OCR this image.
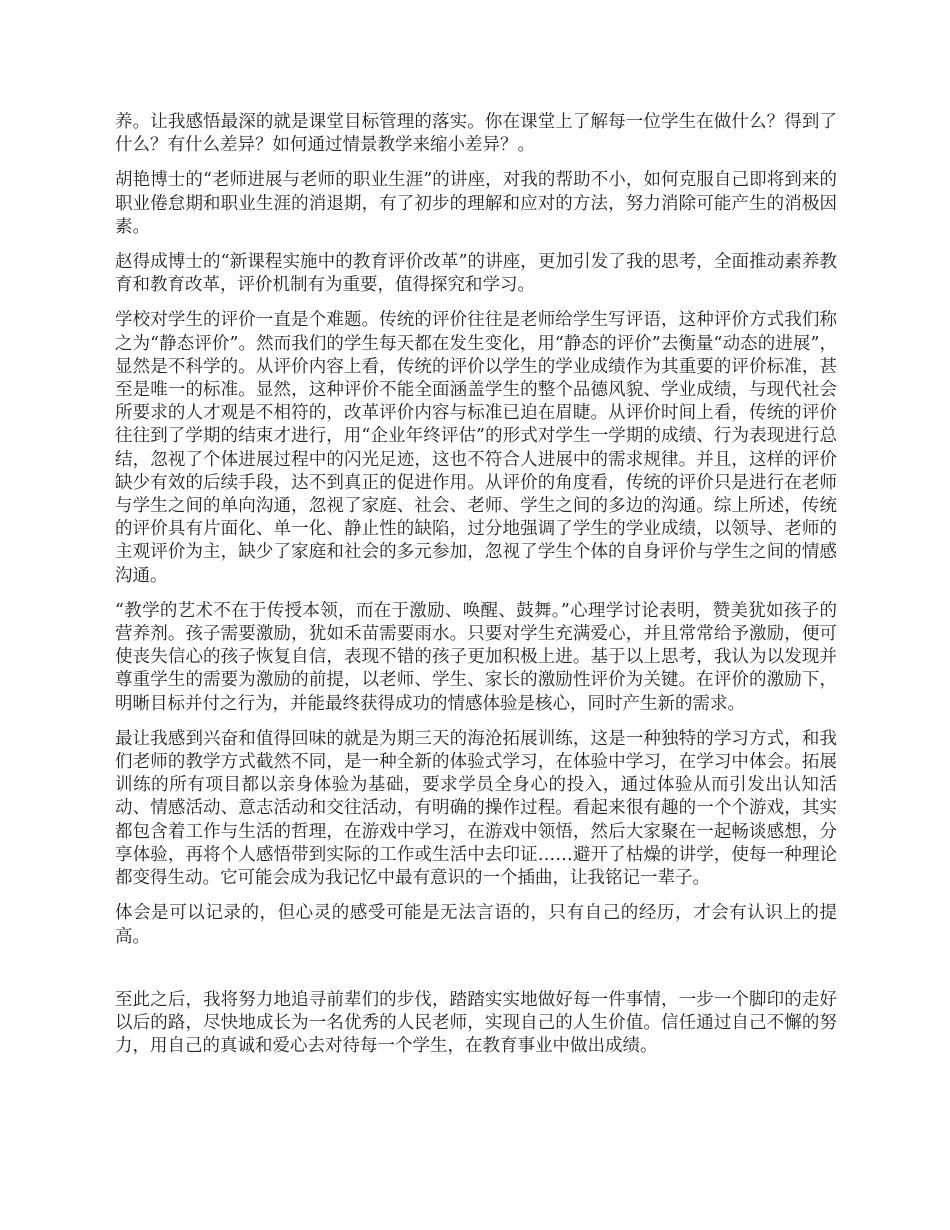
养。让我感悟最深的就是课堂目标管理的落实。你在课堂上了解每一位学生在做什么？得到了什么？有什么差异？如何通过情景教学来缩小差异？。

胡艳博士的“老师进展与老师的职业生涯”的讲座，对我的帮助不小，如何克服自己即将到来的职业倦怠期和职业生涯的消退期，有了初步的理解和应对的方法，努力消除可能产生的消极因素。

赵得成博士的“新课程实施中的教育评价改革”的讲座，更加引发了我的思考，全面推动素养教育和教育改革，评价机制有为重要，值得探究和学习。

学校对学生的评价一直是个难题。传统的评价往往是老师给学生写评语，这种评价方式我们称之为“静态评价”。然而我们的学生每天都在发生变化，用“静态的评价”去衡量“动态的进展”，显然是不科学的。从评价内容上看，传统的评价以学生的学业成绩作为其重要的评价标准，甚至是唯一的标准。显然，这种评价不能全面涵盖学生的整个品德风貌、学业成绩，与现代社会所要求的人才观是不相符的，改革评价内容与标准已迫在眉睫。从评价时间上看，传统的评价往往到了学期的结束才进行，用“企业年终评估”的形式对学生一学期的成绩、行为表现进行总结，忽视了个体进展过程中的闪光足迹，这也不符合人进展中的需求规律。并且，这样的评价缺少有效的后续手段，达不到真正的促进作用。从评价的角度看，传统的评价只是进行在老师与学生之间的单向沟通，忽视了家庭、社会、老师、学生之间的多边的沟通。综上所述，传统的评价具有片面化、单一化、静止性的缺陷，过分地强调了学生的学业成绩，以领导、老师的主观评价为主，缺少了家庭和社会的多元参加，忽视了学生个体的自身评价与学生之间的情感沟通。

“教学的艺术不在于传授本领，而在于激励、唤醒、鼓舞。”心理学讨论表明，赞美犹如孩子的营养剂。孩子需要激励，犹如禾苗需要雨水。只要对学生充满爱心，并且常常给予激励，便可使丧失信心的孩子恢复自信，表现不错的孩子更加积极上进。基于以上思考，我认为以发现并尊重学生的需要为激励的前提，以老师、学生、家长的激励性评价为关键。在评价的激励下，明晰目标并付之行为，并能最终获得成功的情感体验是核心，同时产生新的需求。

最让我感到兴奋和值得回味的就是为期三天的海沧拓展训练，这是一种独特的学习方式，和我们老师的教学方式截然不同，是一种全新的体验式学习，在体验中学习，在学习中体会。拓展训练的所有项目都以亲身体验为基础，要求学员全身心的投入，通过体验从而引发出认知活动、情感活动、意志活动和交往活动，有明确的操作过程。看起来很有趣的一个个游戏，其实都包含着工作与生活的哲理，在游戏中学习，在游戏中领悟，然后大家聚在一起畅谈感想，分享体验，再将个人感悟带到实际的工作或生活中去印证……避开了枯燥的讲学，使每一种理论都变得生动。它可能会成为我记忆中最有意识的一个插曲，让我铭记一辈子。

体会是可以记录的，但心灵的感受可能是无法言语的，只有自己的经历，才会有认识上的提高。

至此之后，我将努力地追寻前辈们的步伐，踏踏实实地做好每一件事情，一步一个脚印的走好以后的路，尽快地成长为一名优秀的人民老师，实现自己的人生价值。信任通过自己不懈的努力，用自己的真诚和爱心去对待每一个学生，在教育事业中做出成绩。
